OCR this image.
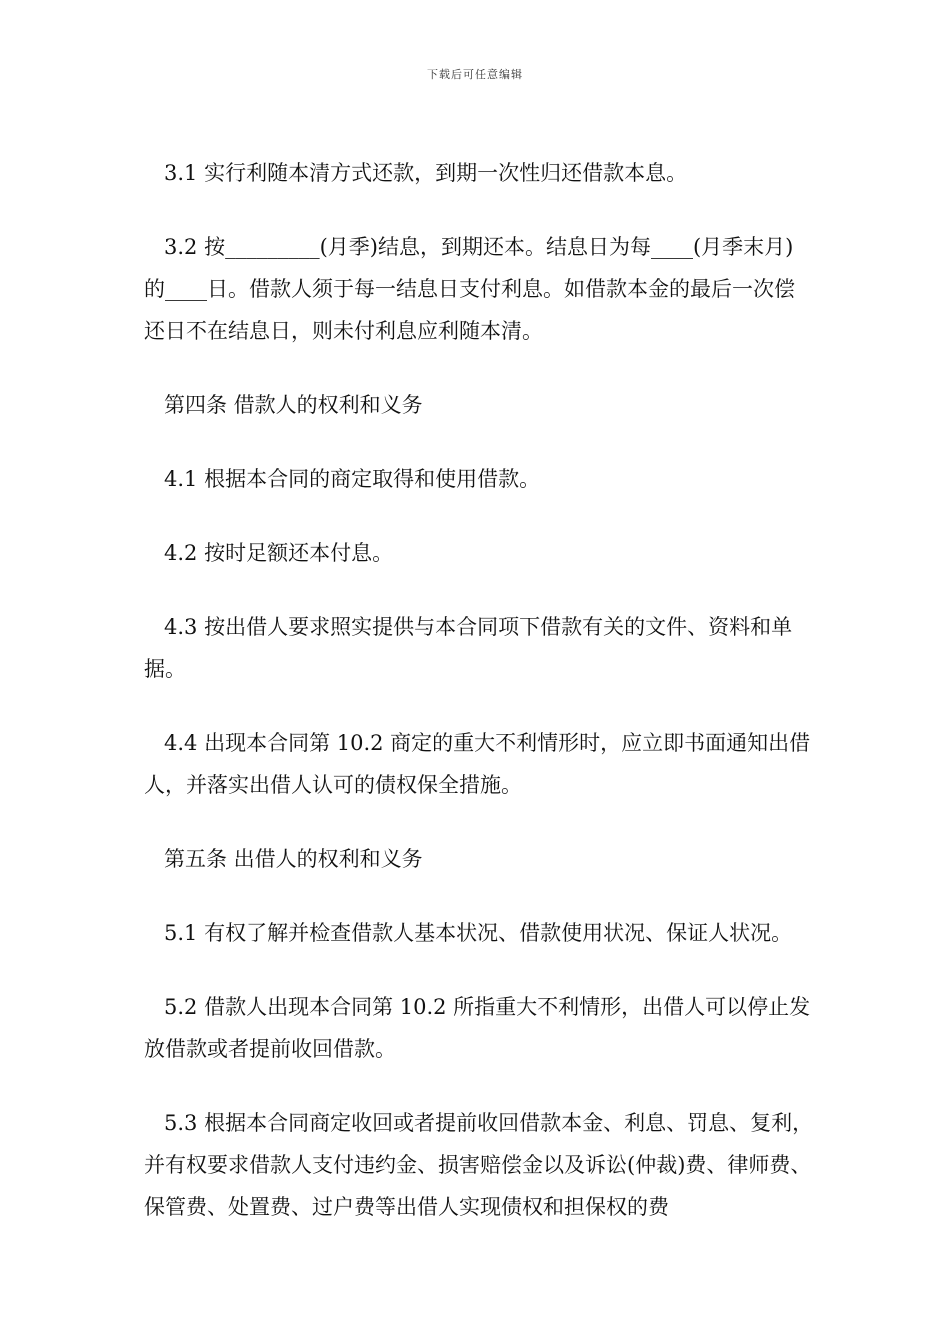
下载后可任意编辑

3.1 实行利随本清方式还款，到期一次性归还借款本息。

3.2 按_________(月季)结息，到期还本。结息日为每____(月季末月)的____日。借款人须于每一结息日支付利息。如借款本金的最后一次偿还日不在结息日，则未付利息应利随本清。

第四条 借款人的权利和义务

4.1 根据本合同的商定取得和使用借款。

4.2 按时足额还本付息。

4.3 按出借人要求照实提供与本合同项下借款有关的文件、资料和单据。

4.4 出现本合同第 10.2 商定的重大不利情形时，应立即书面通知出借人，并落实出借人认可的债权保全措施。

第五条 出借人的权利和义务

5.1 有权了解并检查借款人基本状况、借款使用状况、保证人状况。

5.2 借款人出现本合同第 10.2 所指重大不利情形，出借人可以停止发放借款或者提前收回借款。

5.3 根据本合同商定收回或者提前收回借款本金、利息、罚息、复利，并有权要求借款人支付违约金、损害赔偿金以及诉讼(仲裁)费、律师费、保管费、处置费、过户费等出借人实现债权和担保权的费
